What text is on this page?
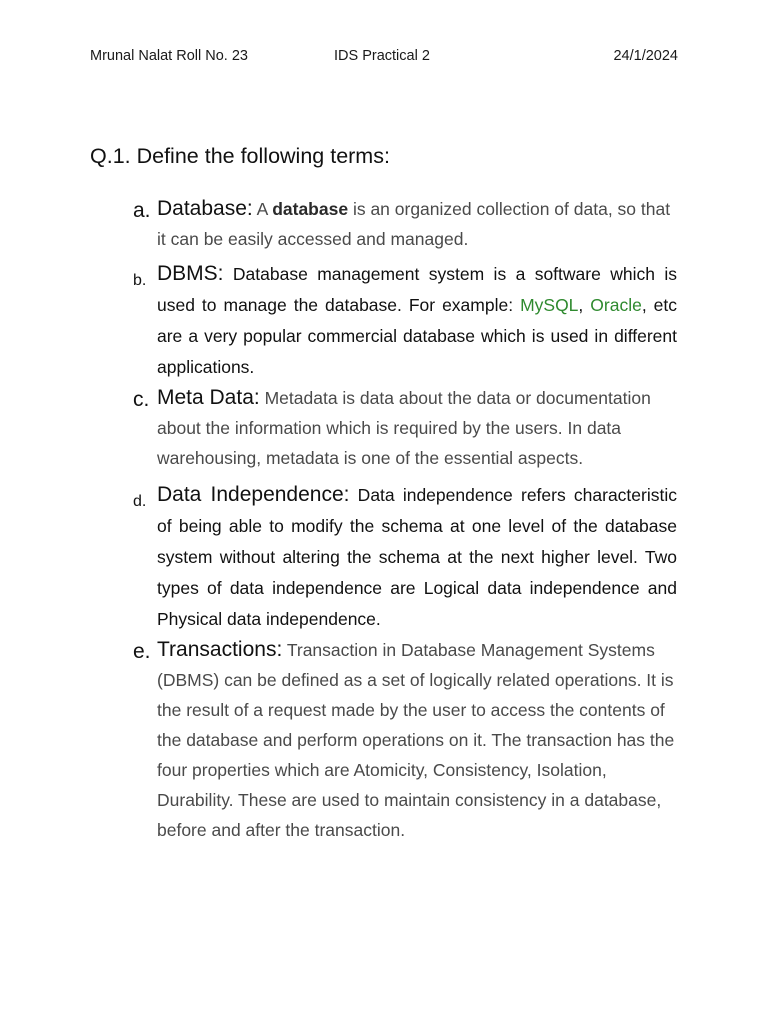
Mrunal Nalat Roll No. 23	IDS Practical 2	24/1/2024
Q.1. Define the following terms:
a. Database: A database is an organized collection of data, so that it can be easily accessed and managed.
b. DBMS: Database management system is a software which is used to manage the database. For example: MySQL, Oracle, etc are a very popular commercial database which is used in different applications.
c. Meta Data: Metadata is data about the data or documentation about the information which is required by the users. In data warehousing, metadata is one of the essential aspects.
d. Data Independence: Data independence refers characteristic of being able to modify the schema at one level of the database system without altering the schema at the next higher level. Two types of data independence are Logical data independence and Physical data independence.
e. Transactions: Transaction in Database Management Systems (DBMS) can be defined as a set of logically related operations. It is the result of a request made by the user to access the contents of the database and perform operations on it. The transaction has the four properties which are Atomicity, Consistency, Isolation, Durability. These are used to maintain consistency in a database, before and after the transaction.
